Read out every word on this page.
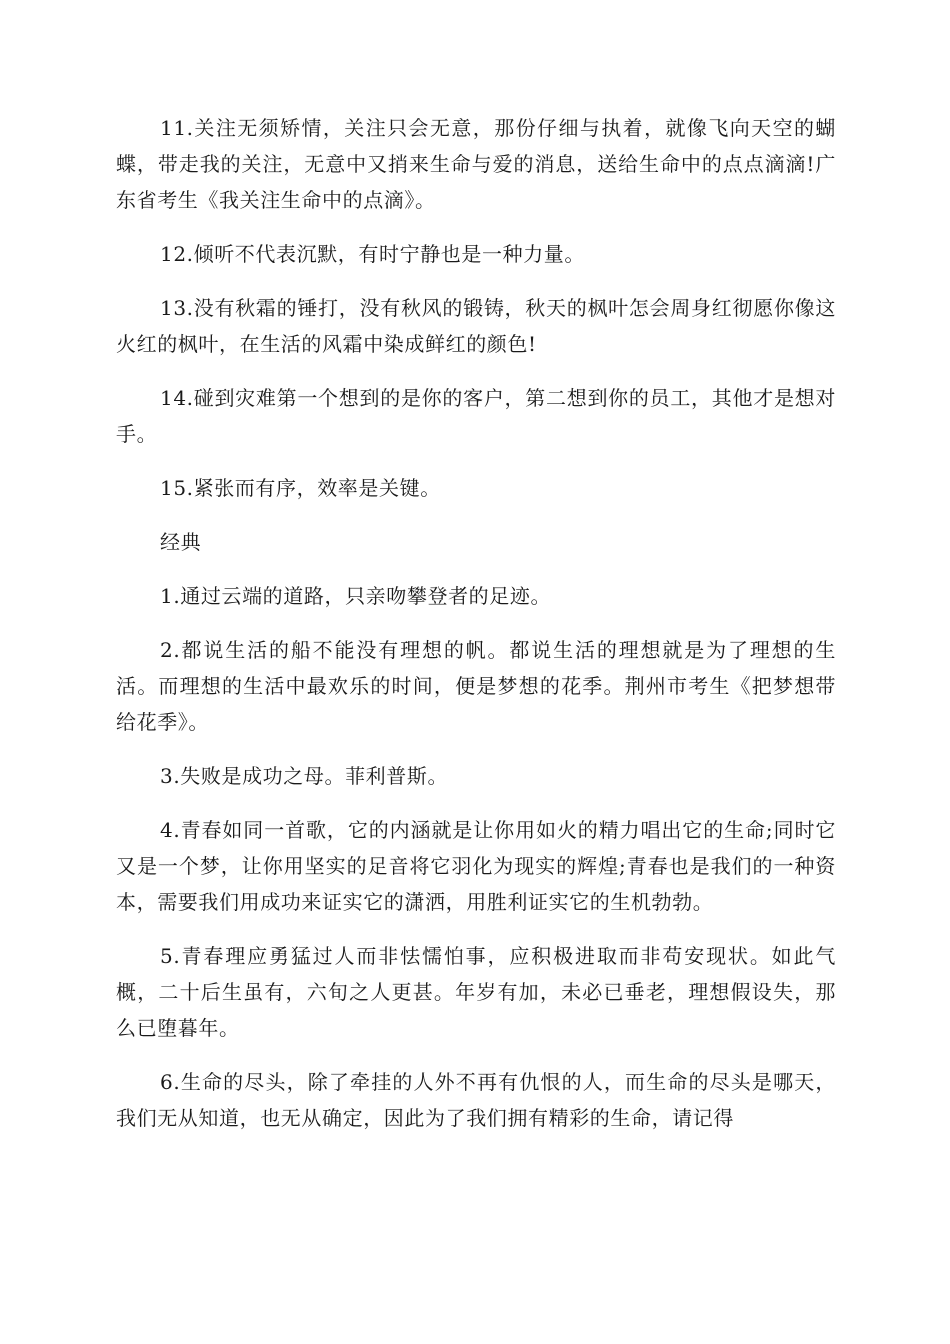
11.关注无须矫情，关注只会无意，那份仔细与执着，就像飞向天空的蝴蝶，带走我的关注，无意中又捎来生命与爱的消息，送给生命中的点点滴滴!广东省考生《我关注生命中的点滴》。

12.倾听不代表沉默，有时宁静也是一种力量。

13.没有秋霜的锤打，没有秋风的锻铸，秋天的枫叶怎会周身红彻愿你像这火红的枫叶，在生活的风霜中染成鲜红的颜色!

14.碰到灾难第一个想到的是你的客户，第二想到你的员工，其他才是想对手。

15.紧张而有序，效率是关键。

经典

1.通过云端的道路，只亲吻攀登者的足迹。

2.都说生活的船不能没有理想的帆。都说生活的理想就是为了理想的生活。而理想的生活中最欢乐的时间，便是梦想的花季。荆州市考生《把梦想带给花季》。

3.失败是成功之母。菲利普斯。

4.青春如同一首歌，它的内涵就是让你用如火的精力唱出它的生命;同时它又是一个梦，让你用坚实的足音将它羽化为现实的辉煌;青春也是我们的一种资本，需要我们用成功来证实它的潇洒，用胜利证实它的生机勃勃。

5.青春理应勇猛过人而非怯懦怕事，应积极进取而非苟安现状。如此气概，二十后生虽有，六旬之人更甚。年岁有加，未必已垂老，理想假设失，那么已堕暮年。

6.生命的尽头，除了牵挂的人外不再有仇恨的人，而生命的尽头是哪天，我们无从知道，也无从确定，因此为了我们拥有精彩的生命，请记得
